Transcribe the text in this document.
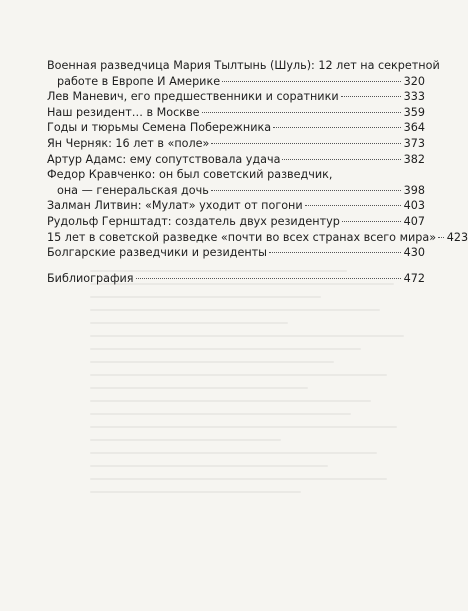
Военная разведчица Мария Тылтынь (Шуль): 12 лет на секретной
работе в Европе И Америке	320
Лев Маневич, его предшественники и соратники	333
Наш резидент… в Москве	359
Годы и тюрьмы Семена Побережника	364
Ян Черняк: 16 лет в «поле»	373
Артур Адамс: ему сопутствовала удача	382
Федор Кравченко: он был советский разведчик,
она — генеральская дочь	398
Залман Литвин: «Мулат» уходит от погони	403
Рудольф Гернштадт: создатель двух резидентур	407
15 лет в советской разведке «почти во всех странах всего мира» 423
Болгарские разведчики и резиденты	430
Библиография	472
